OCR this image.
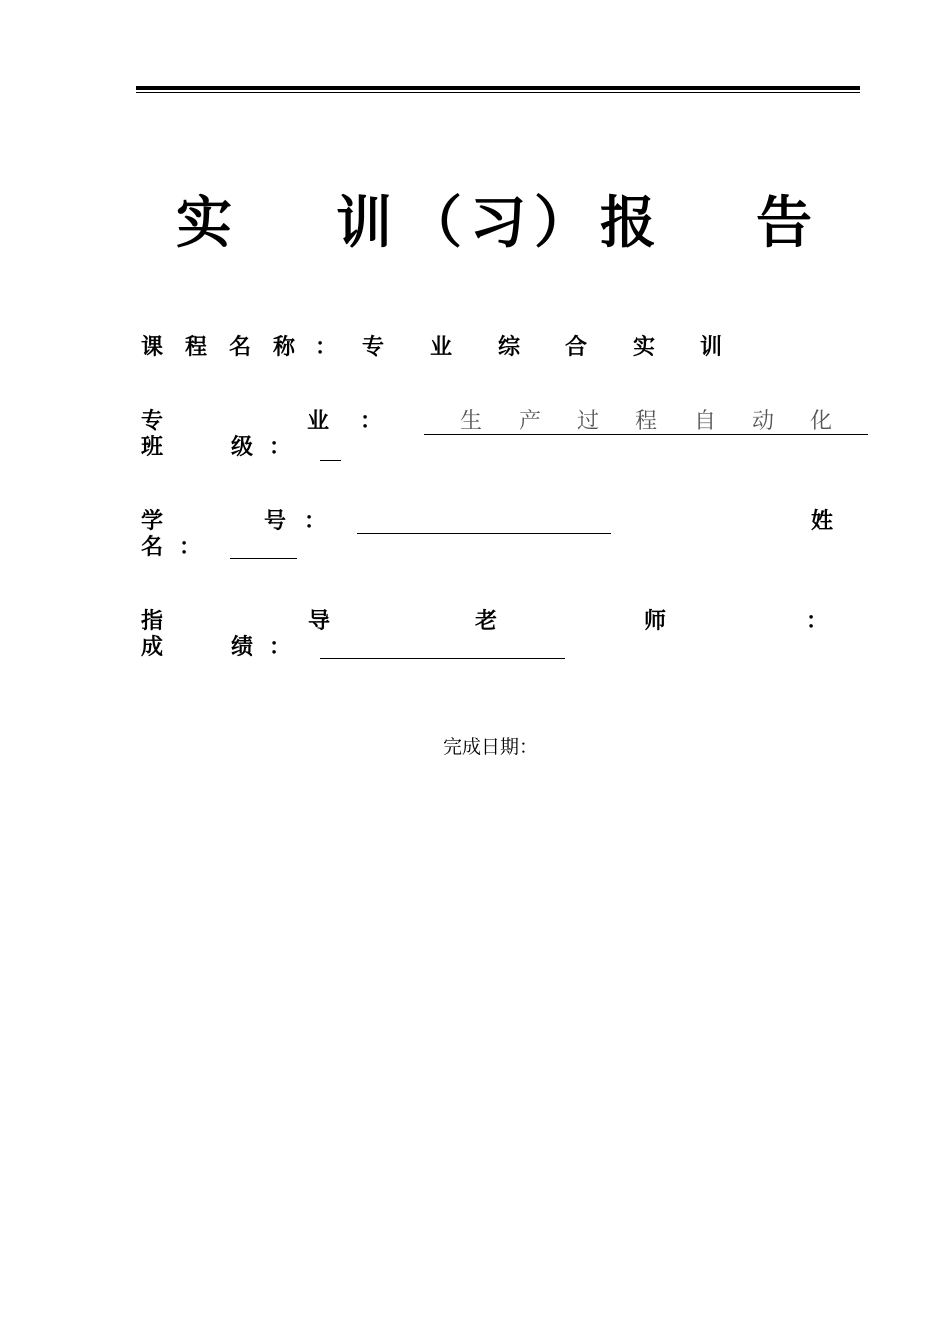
实 训 （ 习 ） 报 告
课 程 名 称 ： 专 业 综 合 实 训
专	业 ：	生 产 过 程 自 动 化
班	级 ：
学	号 ：	姓
名 ：
指	导	老	师	：
成	绩 ：
完成日期：
